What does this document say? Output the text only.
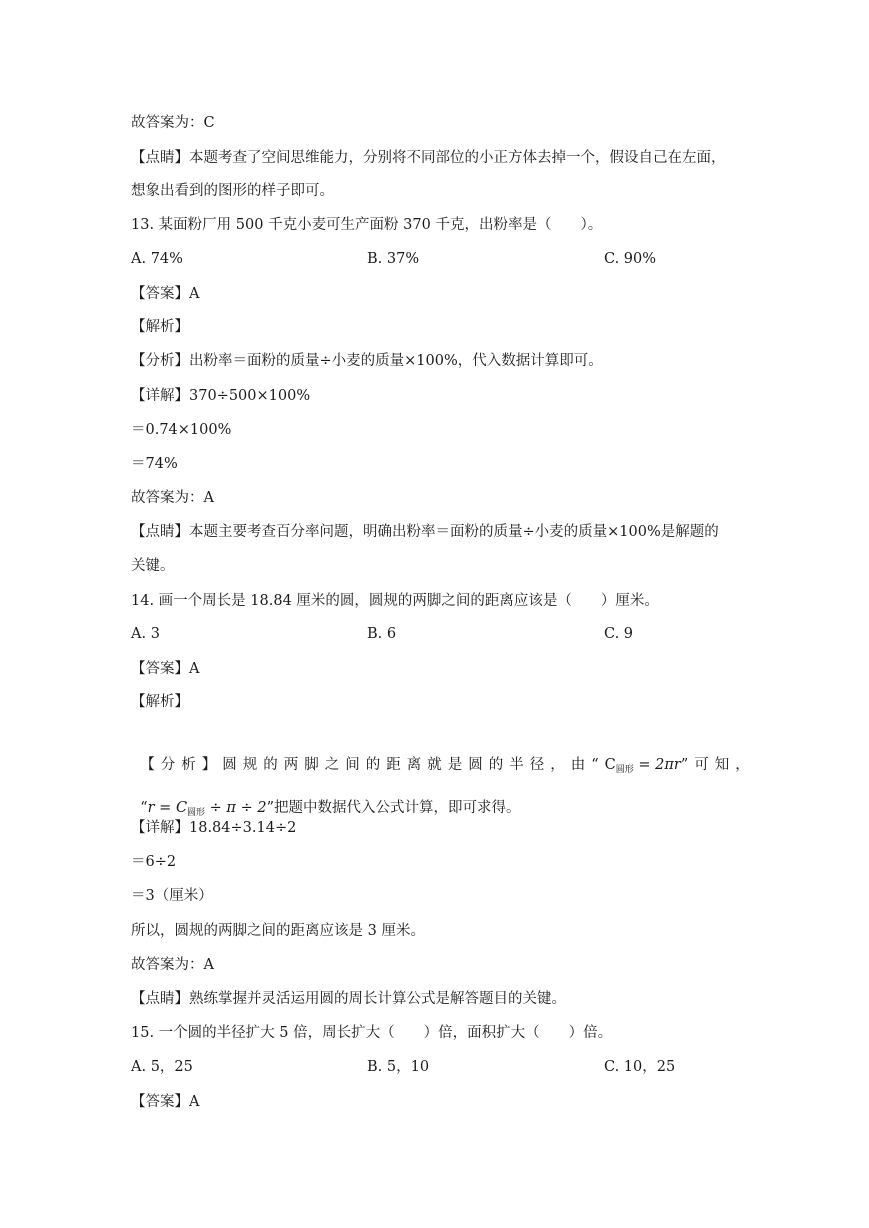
故答案为：C
【点睛】本题考查了空间思维能力，分别将不同部位的小正方体去掉一个，假设自己在左面，
想象出看到的图形的样子即可。
13. 某面粉厂用 500 千克小麦可生产面粉 370 千克，出粉率是（　　）。
A. 74%	B. 37%	C. 90%
【答案】A
【解析】
【分析】出粉率＝面粉的质量÷小麦的质量×100%，代入数据计算即可。
【详解】370÷500×100%
＝0.74×100%
＝74%
故答案为：A
【点睛】本题主要考查百分率问题，明确出粉率＝面粉的质量÷小麦的质量×100%是解题的
关键。
14. 画一个周长是 18.84 厘米的圆，圆规的两脚之间的距离应该是（　　）厘米。
A. 3	B. 6	C. 9
【答案】A
【解析】

【分析】圆规的两脚之间的距离就是圆的半径，由“$C_{圆形} = 2\pi r$”可知，

“$r = C_{圆形} \div \pi \div 2$”把题中数据代入公式计算，即可求得。

【详解】18.84÷3.14÷2
＝6÷2
＝3（厘米）
所以，圆规的两脚之间的距离应该是 3 厘米。
故答案为：A
【点睛】熟练掌握并灵活运用圆的周长计算公式是解答题目的关键。
15. 一个圆的半径扩大 5 倍，周长扩大（　　）倍，面积扩大（　　）倍。
A. 5，25	B. 5，10	C. 10，25
【答案】A
